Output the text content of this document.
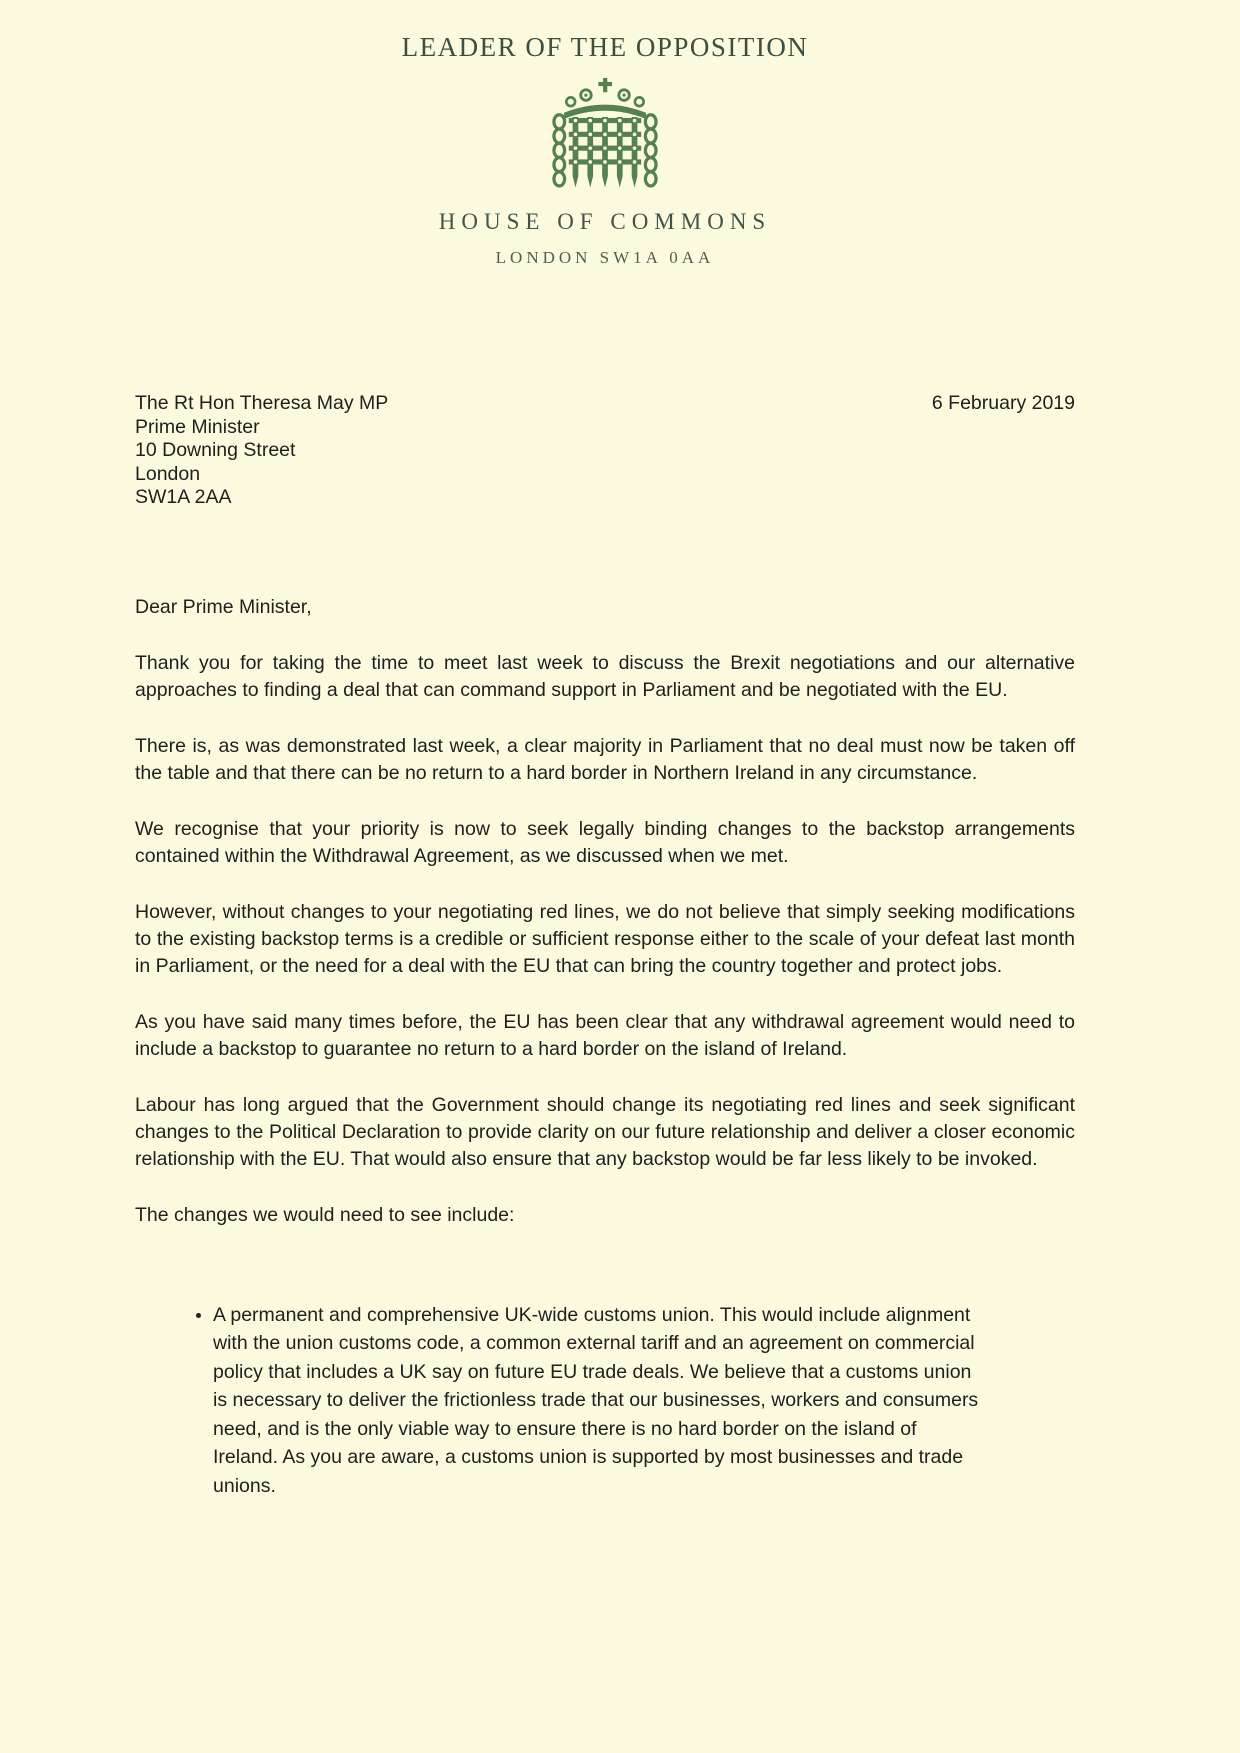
LEADER OF THE OPPOSITION
HOUSE OF COMMONS
LONDON SW1A 0AA
The Rt Hon Theresa May MP
Prime Minister
10 Downing Street
London
SW1A 2AA
6 February 2019
Dear Prime Minister,

Thank you for taking the time to meet last week to discuss the Brexit negotiations and our alternative approaches to finding a deal that can command support in Parliament and be negotiated with the EU.

There is, as was demonstrated last week, a clear majority in Parliament that no deal must now be taken off the table and that there can be no return to a hard border in Northern Ireland in any circumstance.

We recognise that your priority is now to seek legally binding changes to the backstop arrangements contained within the Withdrawal Agreement, as we discussed when we met.

However, without changes to your negotiating red lines, we do not believe that simply seeking modifications to the existing backstop terms is a credible or sufficient response either to the scale of your defeat last month in Parliament, or the need for a deal with the EU that can bring the country together and protect jobs.

As you have said many times before, the EU has been clear that any withdrawal agreement would need to include a backstop to guarantee no return to a hard border on the island of Ireland.

Labour has long argued that the Government should change its negotiating red lines and seek significant changes to the Political Declaration to provide clarity on our future relationship and deliver a closer economic relationship with the EU. That would also ensure that any backstop would be far less likely to be invoked.

The changes we would need to see include:
• A permanent and comprehensive UK-wide customs union. This would include alignment with the union customs code, a common external tariff and an agreement on commercial policy that includes a UK say on future EU trade deals. We believe that a customs union is necessary to deliver the frictionless trade that our businesses, workers and consumers need, and is the only viable way to ensure there is no hard border on the island of Ireland. As you are aware, a customs union is supported by most businesses and trade unions.
